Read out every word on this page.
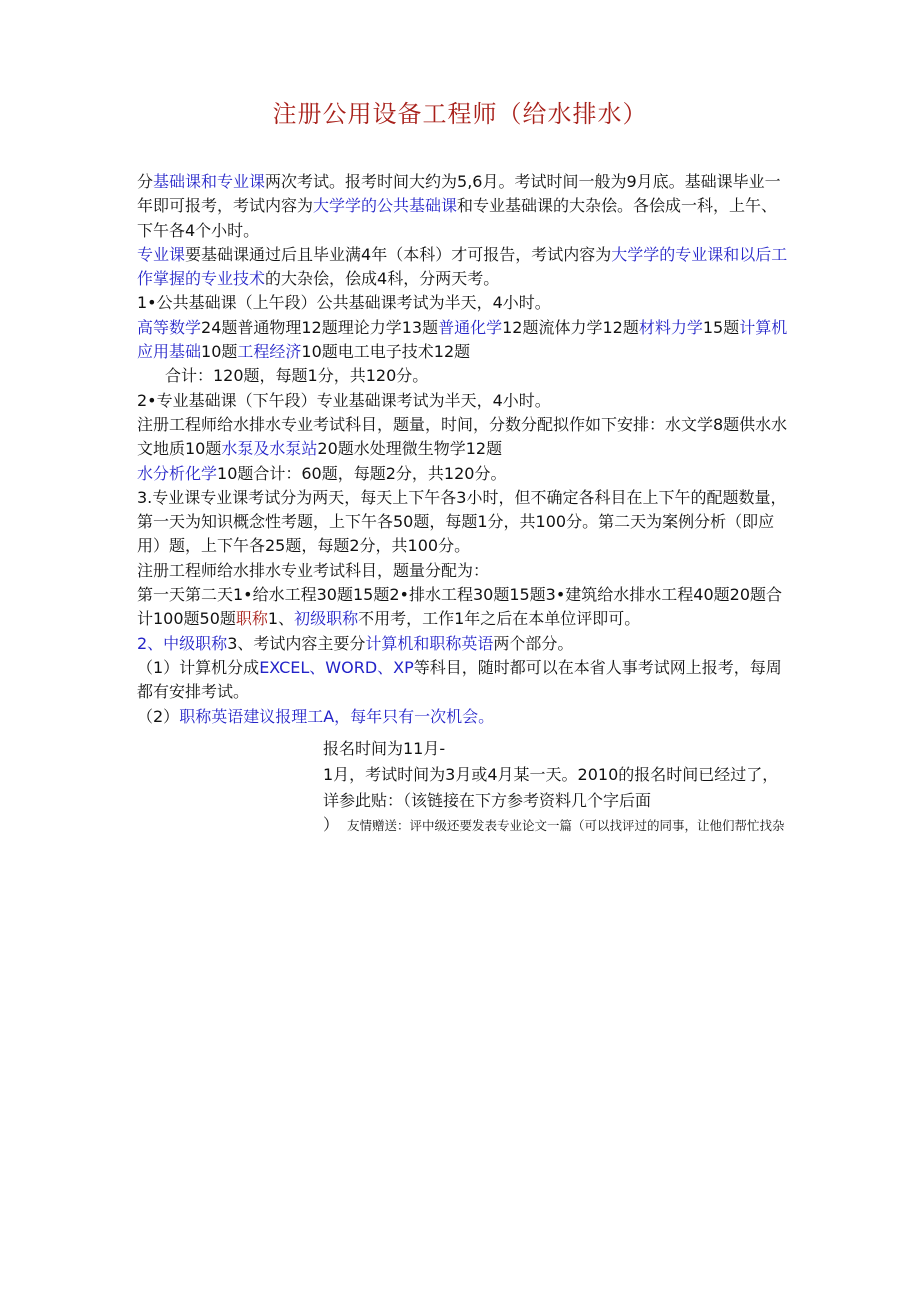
注册公用设备工程师（给水排水）

分基础课和专业课两次考试。报考时间大约为5,6月。考试时间一般为9月底。基础课毕业一年即可报考，考试内容为大学学的公共基础课和专业基础课的大杂侩。各侩成一科，上午、下午各4个小时。

专业课要基础课通过后且毕业满4年（本科）才可报告，考试内容为大学学的专业课和以后工作掌握的专业技术的大杂侩，侩成4科，分两天考。

1•公共基础课（上午段）公共基础课考试为半天，4小时。

高等数学24题普通物理12题理论力学13题普通化学12题流体力学12题材料力学15题计算机应用基础10题工程经济10题电工电子技术12题

合计：120题，每题1分，共120分。

2•专业基础课（下午段）专业基础课考试为半天，4小时。

注册工程师给水排水专业考试科目，题量，时间，分数分配拟作如下安排：水文学8题供水水文地质10题水泵及水泵站20题水处理微生物学12题

水分析化学10题合计：60题，每题2分，共120分。

3.专业课专业课考试分为两天，每天上下午各3小时，但不确定各科目在上下午的配题数量，第一天为知识概念性考题，上下午各50题，每题1分，共100分。第二天为案例分析（即应用）题，上下午各25题，每题2分，共100分。

注册工程师给水排水专业考试科目，题量分配为：

第一天第二天1•给水工程30题15题2•排水工程30题15题3•建筑给水排水工程40题20题合计100题50题职称1、初级职称不用考，工作1年之后在本单位评即可。

2、中级职称3、考试内容主要分计算机和职称英语两个部分。

（1）计算机分成EXCEL、WORD、XP等科目，随时都可以在本省人事考试网上报考，每周都有安排考试。

（2）职称英语建议报理工A，每年只有一次机会。

报名时间为11月-

1月，考试时间为3月或4月某一天。2010的报名时间已经过了，详参此贴：（该链接在下方参考资料几个字后面

） 友情赠送：评中级还要发表专业论文一篇（可以找评过的同事，让他们帮忙找杂
